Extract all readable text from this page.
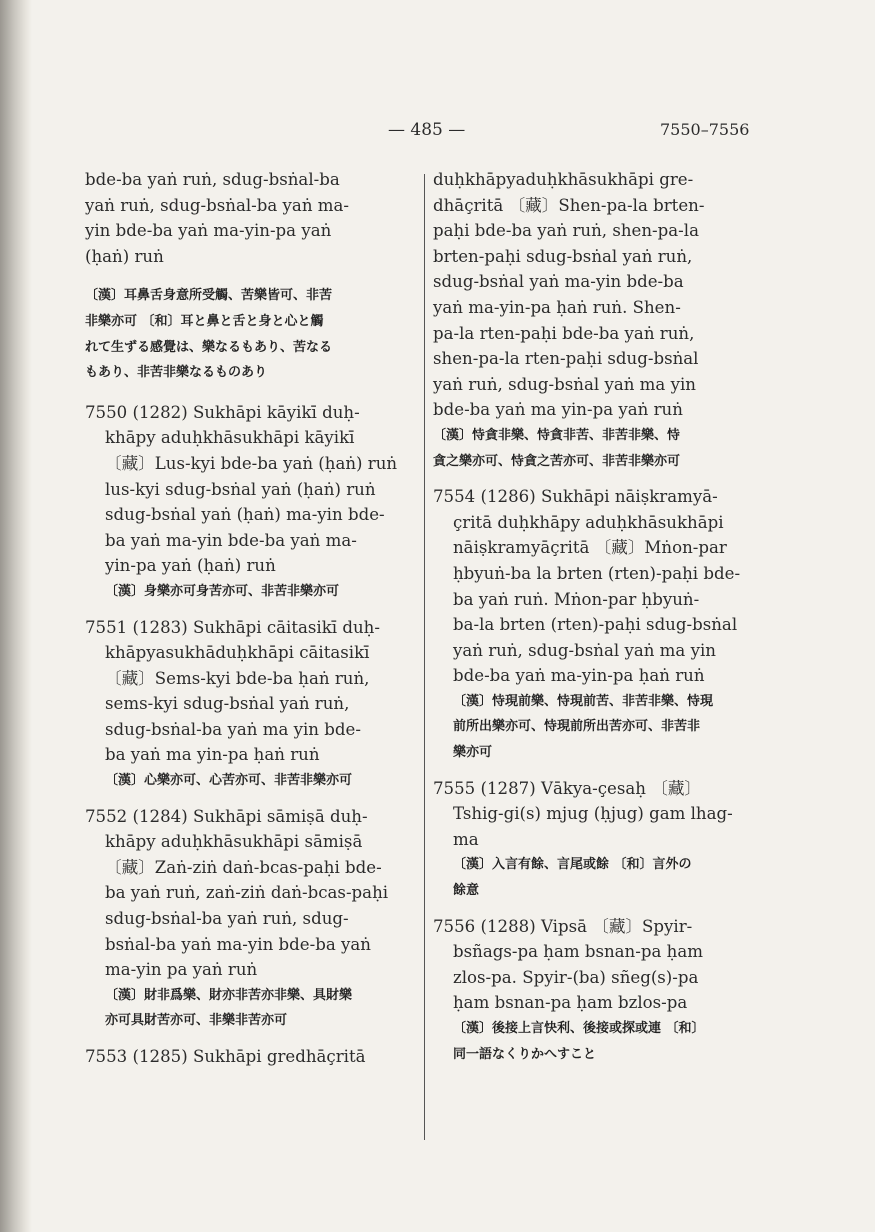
— 485 —	7550–7556
bde-ba yaṅ ruṅ, sdug-bsṅal-ba
yaṅ ruṅ, sdug-bsṅal-ba yaṅ ma-
yin bde-ba yaṅ ma-yin-pa yaṅ
(ḥaṅ) ruṅ
〔漢〕耳鼻舌身意所受觸、苦樂皆可、非苦
非樂亦可 〔和〕耳と鼻と舌と身と心と觸
れて生ずる感覺は、樂なるもあり、苦なる
もあり、非苦非樂なるものあり
7550 (1282) Sukhāpi kāyikī duḥ-
khāpy aduḥkhāsukhāpi kāyikī
〔藏〕Lus-kyi bde-ba yaṅ (ḥaṅ) ruṅ
lus-kyi sdug-bsṅal yaṅ (ḥaṅ) ruṅ
sdug-bsṅal yaṅ (ḥaṅ) ma-yin bde-
ba yaṅ ma-yin bde-ba yaṅ ma-
yin-pa yaṅ (ḥaṅ) ruṅ
〔漢〕身樂亦可身苦亦可、非苦非樂亦可
7551 (1283) Sukhāpi cāitasikī duḥ-
khāpyasukhāduḥkhāpi cāitasikī
〔藏〕Sems-kyi bde-ba ḥaṅ ruṅ,
sems-kyi sdug-bsṅal yaṅ ruṅ,
sdug-bsṅal-ba yaṅ ma yin bde-
ba yaṅ ma yin-pa ḥaṅ ruṅ
〔漢〕心樂亦可、心苦亦可、非苦非樂亦可
7552 (1284) Sukhāpi sāmiṣā duḥ-
khāpy aduḥkhāsukhāpi sāmiṣā
〔藏〕Zaṅ-ziṅ daṅ-bcas-paḥi bde-
ba yaṅ ruṅ, zaṅ-ziṅ daṅ-bcas-paḥi
sdug-bsṅal-ba yaṅ ruṅ, sdug-
bsṅal-ba yaṅ ma-yin bde-ba yaṅ
ma-yin pa yaṅ ruṅ
〔漢〕財非爲樂、財亦非苦亦非樂、具財樂
亦可具財苦亦可、非樂非苦亦可
7553 (1285) Sukhāpi gredhāçritā
duḥkhāpyaduḥkhāsukhāpi gre-
dhāçritā 〔藏〕Shen-pa-la brten-
paḥi bde-ba yaṅ ruṅ, shen-pa-la
brten-paḥi sdug-bsṅal yaṅ ruṅ,
sdug-bsṅal yaṅ ma-yin bde-ba
yaṅ ma-yin-pa ḥaṅ ruṅ. Shen-
pa-la rten-paḥi bde-ba yaṅ ruṅ,
shen-pa-la rten-paḥi sdug-bsṅal
yaṅ ruṅ, sdug-bsṅal yaṅ ma yin
bde-ba yaṅ ma yin-pa yaṅ ruṅ
〔漢〕恃貪非樂、恃貪非苦、非苦非樂、恃
貪之樂亦可、恃貪之苦亦可、非苦非樂亦可
7554 (1286) Sukhāpi nāiṣkramyā-
çritā duḥkhāpy aduḥkhāsukhāpi
nāiṣkramyāçritā 〔藏〕Mṅon-par
ḥbyuṅ-ba la brten (rten)-paḥi bde-
ba yaṅ ruṅ. Mṅon-par ḥbyuṅ-
ba-la brten (rten)-paḥi sdug-bsṅal
yaṅ ruṅ, sdug-bsṅal yaṅ ma yin
bde-ba yaṅ ma-yin-pa ḥaṅ ruṅ
〔漢〕恃現前樂、恃現前苦、非苦非樂、恃現
前所出樂亦可、恃現前所出苦亦可、非苦非
樂亦可
7555 (1287) Vākya-çesaḥ 〔藏〕
Tshig-gi(s) mjug (ḥjug) gam lhag-
ma
〔漢〕入言有餘、言尾或餘 〔和〕言外の
餘意
7556 (1288) Vipsā 〔藏〕Spyir-
bsñags-pa ḥam bsnan-pa ḥam
zlos-pa. Spyir-(ba) sñeg(s)-pa
ḥam bsnan-pa ḥam bzlos-pa
〔漢〕後接上言快利、後接或探或連 〔和〕
同一語なくりかへすこと
